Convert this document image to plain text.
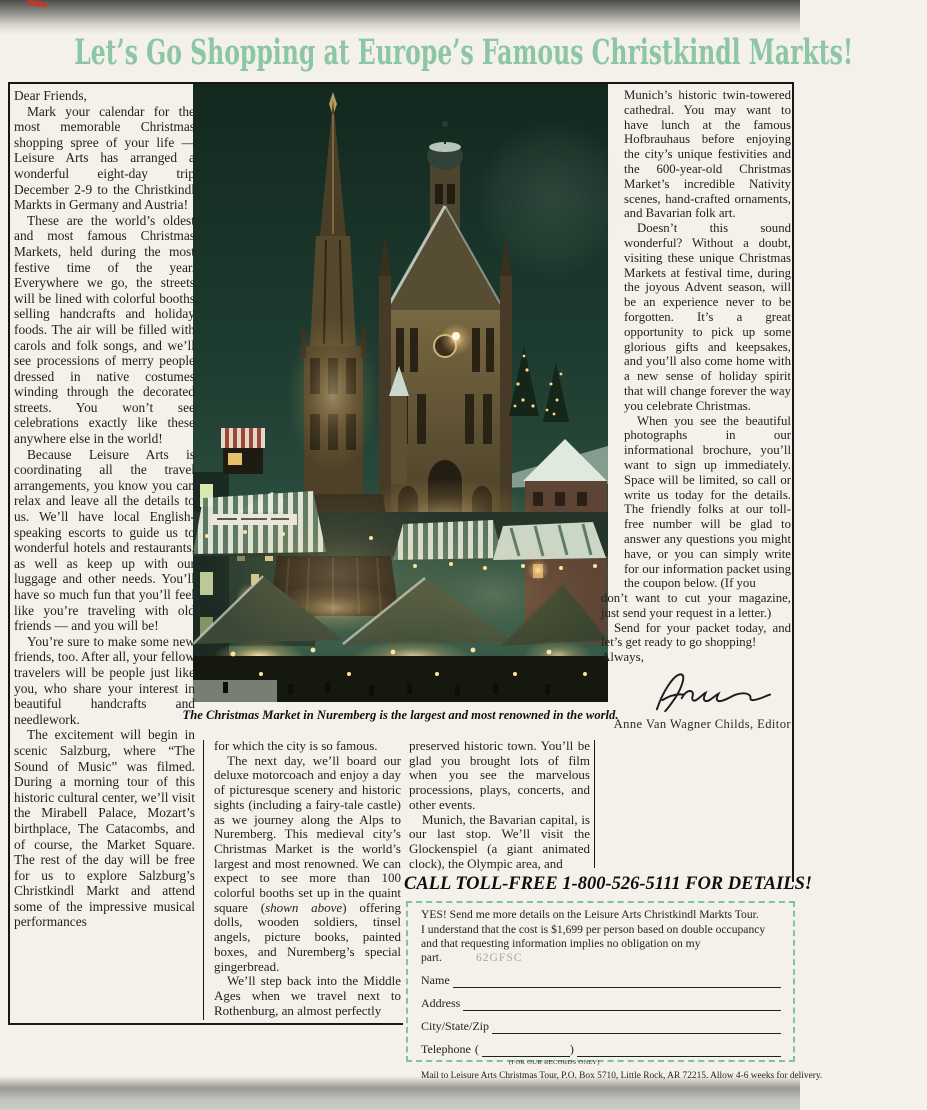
Let’s Go Shopping at Europe’s Famous Christkindl Markts!
The Christmas Market in Nuremberg is the largest and most renowned in the world.

Dear Friends,

Mark your calendar for the most memorable Christmas shopping spree of your life — Leisure Arts has arranged a wonderful eight-day trip December 2-9 to the Christkindl Markts in Germany and Austria!

These are the world’s oldest and most famous Christmas Markets, held during the most festive time of the year. Everywhere we go, the streets will be lined with colorful booths selling handcrafts and holiday foods. The air will be filled with carols and folk songs, and we’ll see processions of merry people dressed in native costumes winding through the decorated streets. You won’t see celebrations exactly like these anywhere else in the world!

Because Leisure Arts is coordinating all the travel arrangements, you know you can relax and leave all the details to us. We’ll have local English-speaking escorts to guide us to wonderful hotels and restaurants, as well as keep up with our luggage and other needs. You’ll have so much fun that you’ll feel like you’re traveling with old friends — and you will be!

You’re sure to make some new friends, too. After all, your fellow travelers will be people just like you, who share your interest in beautiful handcrafts and needlework.

The excitement will begin in scenic Salzburg, where “The Sound of Music” was filmed. During a morning tour of this historic cultural center, we’ll visit the Mirabell Palace, Mozart’s birthplace, The Catacombs, and of course, the Market Square. The rest of the day will be free for us to explore Salzburg’s Christkindl Markt and attend some of the impressive musical performances

for which the city is so famous.

The next day, we’ll board our deluxe motorcoach and enjoy a day of picturesque scenery and historic sights (including a fairy-tale castle) as we journey along the Alps to Nuremberg. This medieval city’s Christmas Market is the world’s largest and most renowned. We can expect to see more than 100 colorful booths set up in the quaint square (shown above) offering dolls, wooden soldiers, tinsel angels, picture books, painted boxes, and Nuremberg’s special gingerbread.

We’ll step back into the Middle Ages when we travel next to Rothenburg, an almost perfectly

preserved historic town. You’ll be glad you brought lots of film when you see the marvelous processions, plays, concerts, and other events.

Munich, the Bavarian capital, is our last stop. We’ll visit the Glockenspiel (a giant animated clock), the Olympic area, and

Munich’s historic twin-towered cathedral. You may want to have lunch at the famous Hofbrauhaus before enjoying the city’s unique festivities and the 600-year-old Christmas Market’s incredible Nativity scenes, hand-crafted ornaments, and Bavarian folk art.

Doesn’t this sound wonderful? Without a doubt, visiting these unique Christmas Markets at festival time, during the joyous Advent season, will be an experience never to be forgotten. It’s a great opportunity to pick up some glorious gifts and keepsakes, and you’ll also come home with a new sense of holiday spirit that will change forever the way you celebrate Christmas.

When you see the beautiful photographs in our informational brochure, you’ll want to sign up immediately. Space will be limited, so call or write us today for the details. The friendly folks at our toll-free number will be glad to answer any questions you might have, or you can simply write for our information packet using the coupon below. (If you

don’t want to cut your magazine, just send your request in a letter.)

Send for your packet today, and let’s get ready to go shopping!

Always,

Anne Van Wagner Childs, Editor

CALL TOLL-FREE 1-800-526-5111 FOR DETAILS!

YES! Send me more details on the Leisure Arts Christkindl Markts Tour.

I understand that the cost is $1,699 per person based on double occupancy and that requesting information implies no obligation on my part.	62GFSC

Name
Address
City/State/Zip
Telephone (	)
(FOR OUR RECORDS ONLY)
Mail to Leisure Arts Christmas Tour, P.O. Box 5710, Little Rock, AR 72215. Allow 4-6 weeks for delivery.
